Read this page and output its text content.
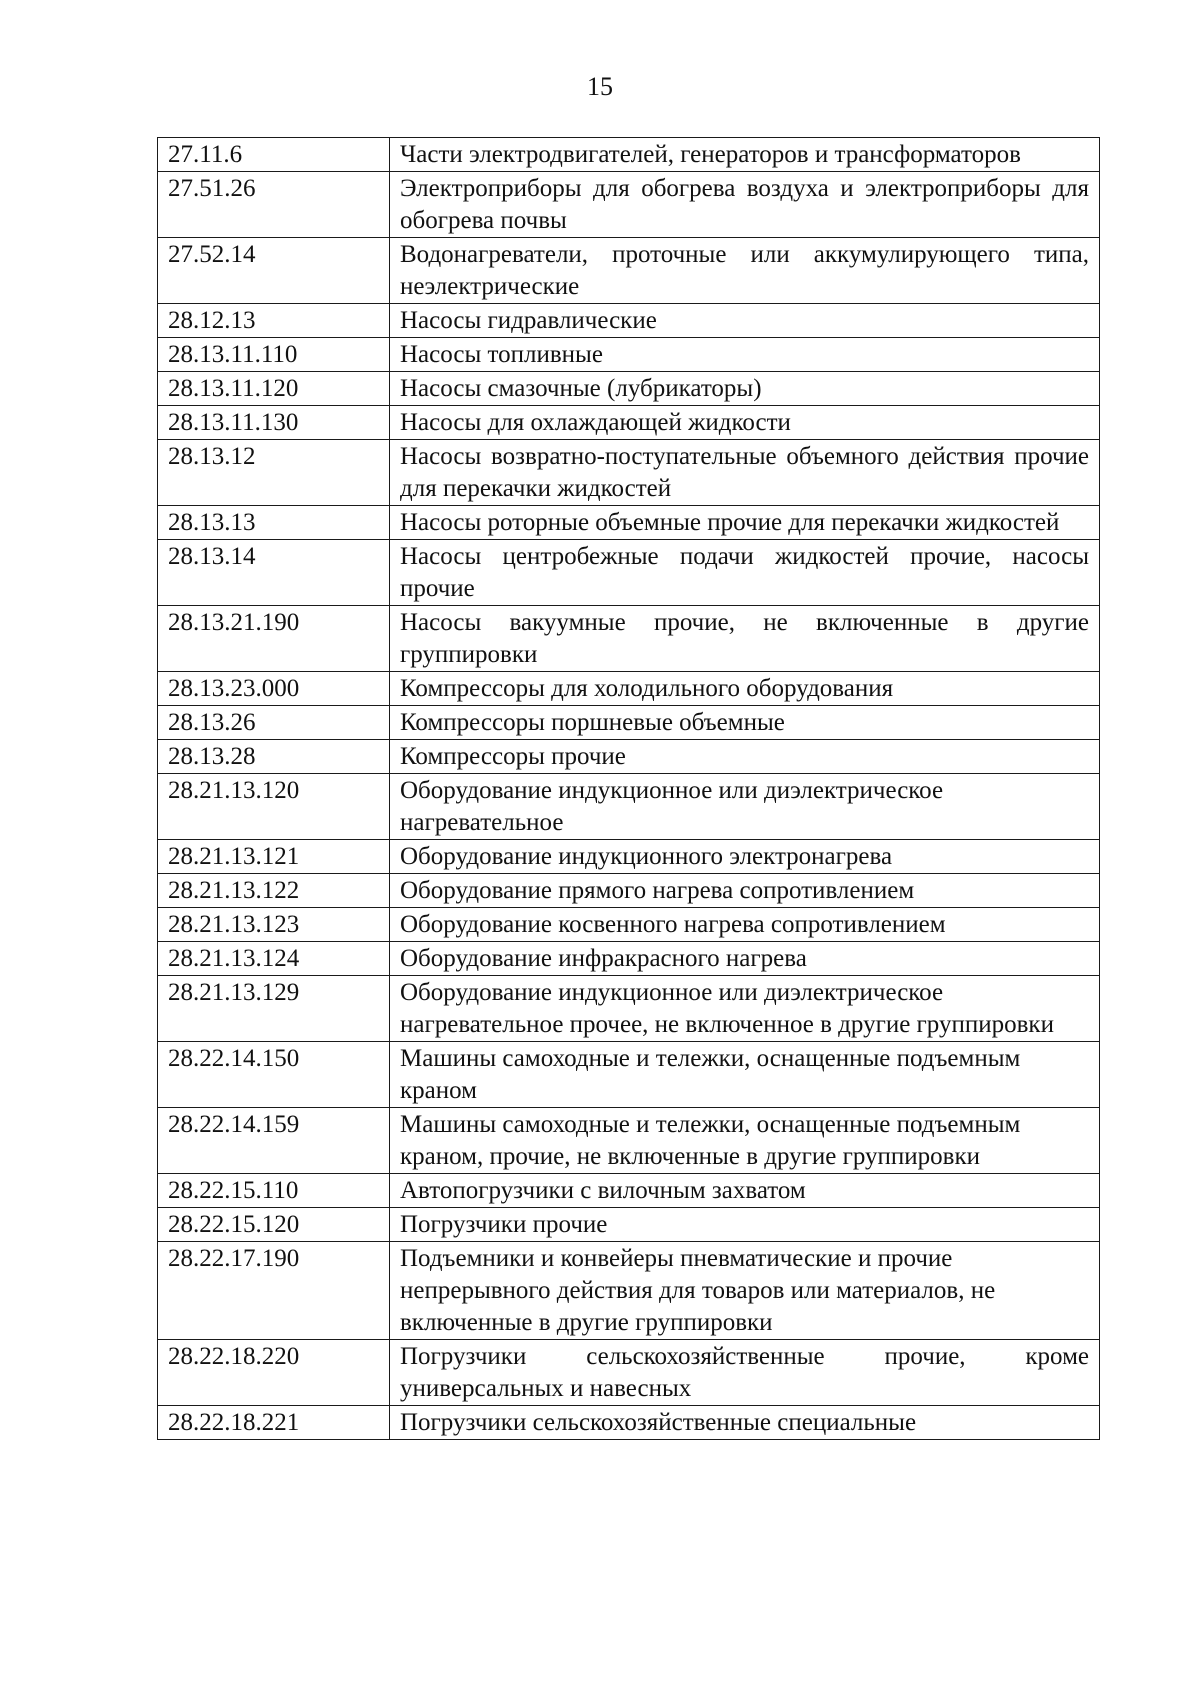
15
27.11.6	Части электродвигателей, генераторов и трансформаторов
27.51.26	Электроприборы для обогрева воздуха и электроприборы для обогрева почвы
27.52.14	Водонагреватели, проточные или аккумулирующего типа, неэлектрические
28.12.13	Насосы гидравлические
28.13.11.110	Насосы топливные
28.13.11.120	Насосы смазочные (лубрикаторы)
28.13.11.130	Насосы для охлаждающей жидкости
28.13.12	Насосы возвратно-поступательные объемного действия прочие для перекачки жидкостей
28.13.13	Насосы роторные объемные прочие для перекачки жидкостей
28.13.14	Насосы центробежные подачи жидкостей прочие, насосы прочие
28.13.21.190	Насосы вакуумные прочие, не включенные в другие группировки
28.13.23.000	Компрессоры для холодильного оборудования
28.13.26	Компрессоры поршневые объемные
28.13.28	Компрессоры прочие
28.21.13.120	Оборудование индукционное или диэлектрическое нагревательное
28.21.13.121	Оборудование индукционного электронагрева
28.21.13.122	Оборудование прямого нагрева сопротивлением
28.21.13.123	Оборудование косвенного нагрева сопротивлением
28.21.13.124	Оборудование инфракрасного нагрева
28.21.13.129	Оборудование индукционное или диэлектрическое нагревательное прочее, не включенное в другие группировки
28.22.14.150	Машины самоходные и тележки, оснащенные подъемным краном
28.22.14.159	Машины самоходные и тележки, оснащенные подъемным краном, прочие, не включенные в другие группировки
28.22.15.110	Автопогрузчики с вилочным захватом
28.22.15.120	Погрузчики прочие
28.22.17.190	Подъемники и конвейеры пневматические и прочие непрерывного действия для товаров или материалов, не включенные в другие группировки
28.22.18.220	Погрузчики сельскохозяйственные прочие, кроме универсальных и навесных
28.22.18.221	Погрузчики сельскохозяйственные специальные
